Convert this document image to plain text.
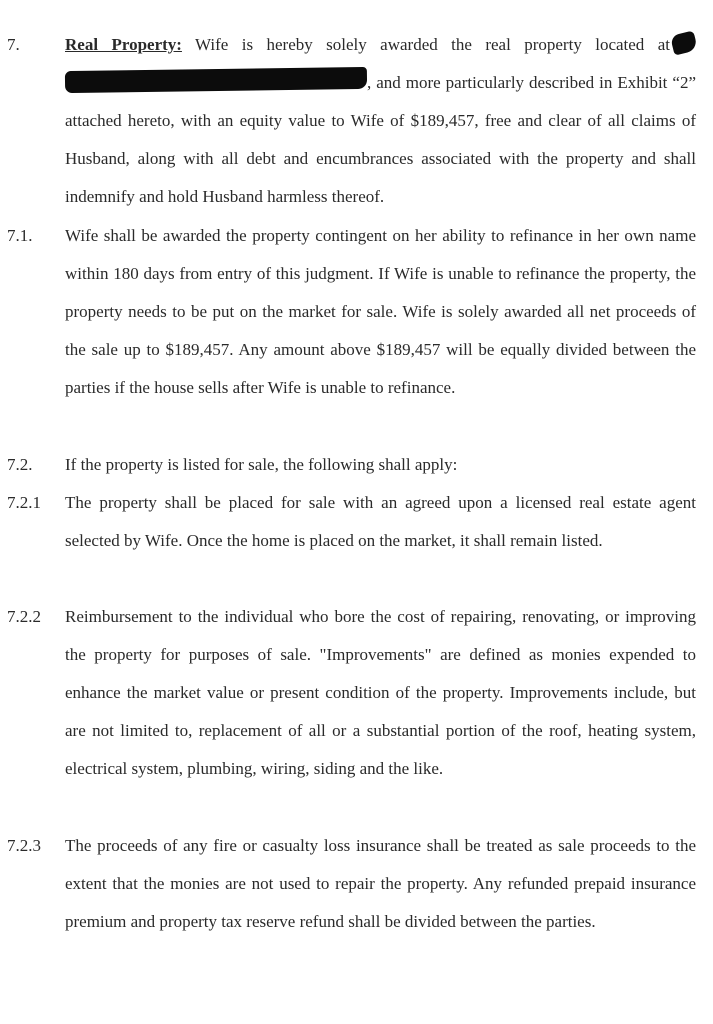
7.	Real Property: Wife is hereby solely awarded the real property located at , and more particularly described in Exhibit “2” attached hereto, with an equity value to Wife of $189,457, free and clear of all claims of Husband, along with all debt and encumbrances associated with the property and shall indemnify and hold Husband harmless thereof.
7.1. Wife shall be awarded the property contingent on her ability to refinance in her own name within 180 days from entry of this judgment. If Wife is unable to refinance the property, the property needs to be put on the market for sale. Wife is solely awarded all net proceeds of the sale up to $189,457. Any amount above $189,457 will be equally divided between the parties if the house sells after Wife is unable to refinance.
7.2. If the property is listed for sale, the following shall apply:
7.2.1 The property shall be placed for sale with an agreed upon a licensed real estate agent selected by Wife. Once the home is placed on the market, it shall remain listed.
7.2.2 Reimbursement to the individual who bore the cost of repairing, renovating, or improving the property for purposes of sale. "Improvements" are defined as monies expended to enhance the market value or present condition of the property. Improvements include, but are not limited to, replacement of all or a substantial portion of the roof, heating system, electrical system, plumbing, wiring, siding and the like.
7.2.3 The proceeds of any fire or casualty loss insurance shall be treated as sale proceeds to the extent that the monies are not used to repair the property. Any refunded prepaid insurance premium and property tax reserve refund shall be divided between the parties.
